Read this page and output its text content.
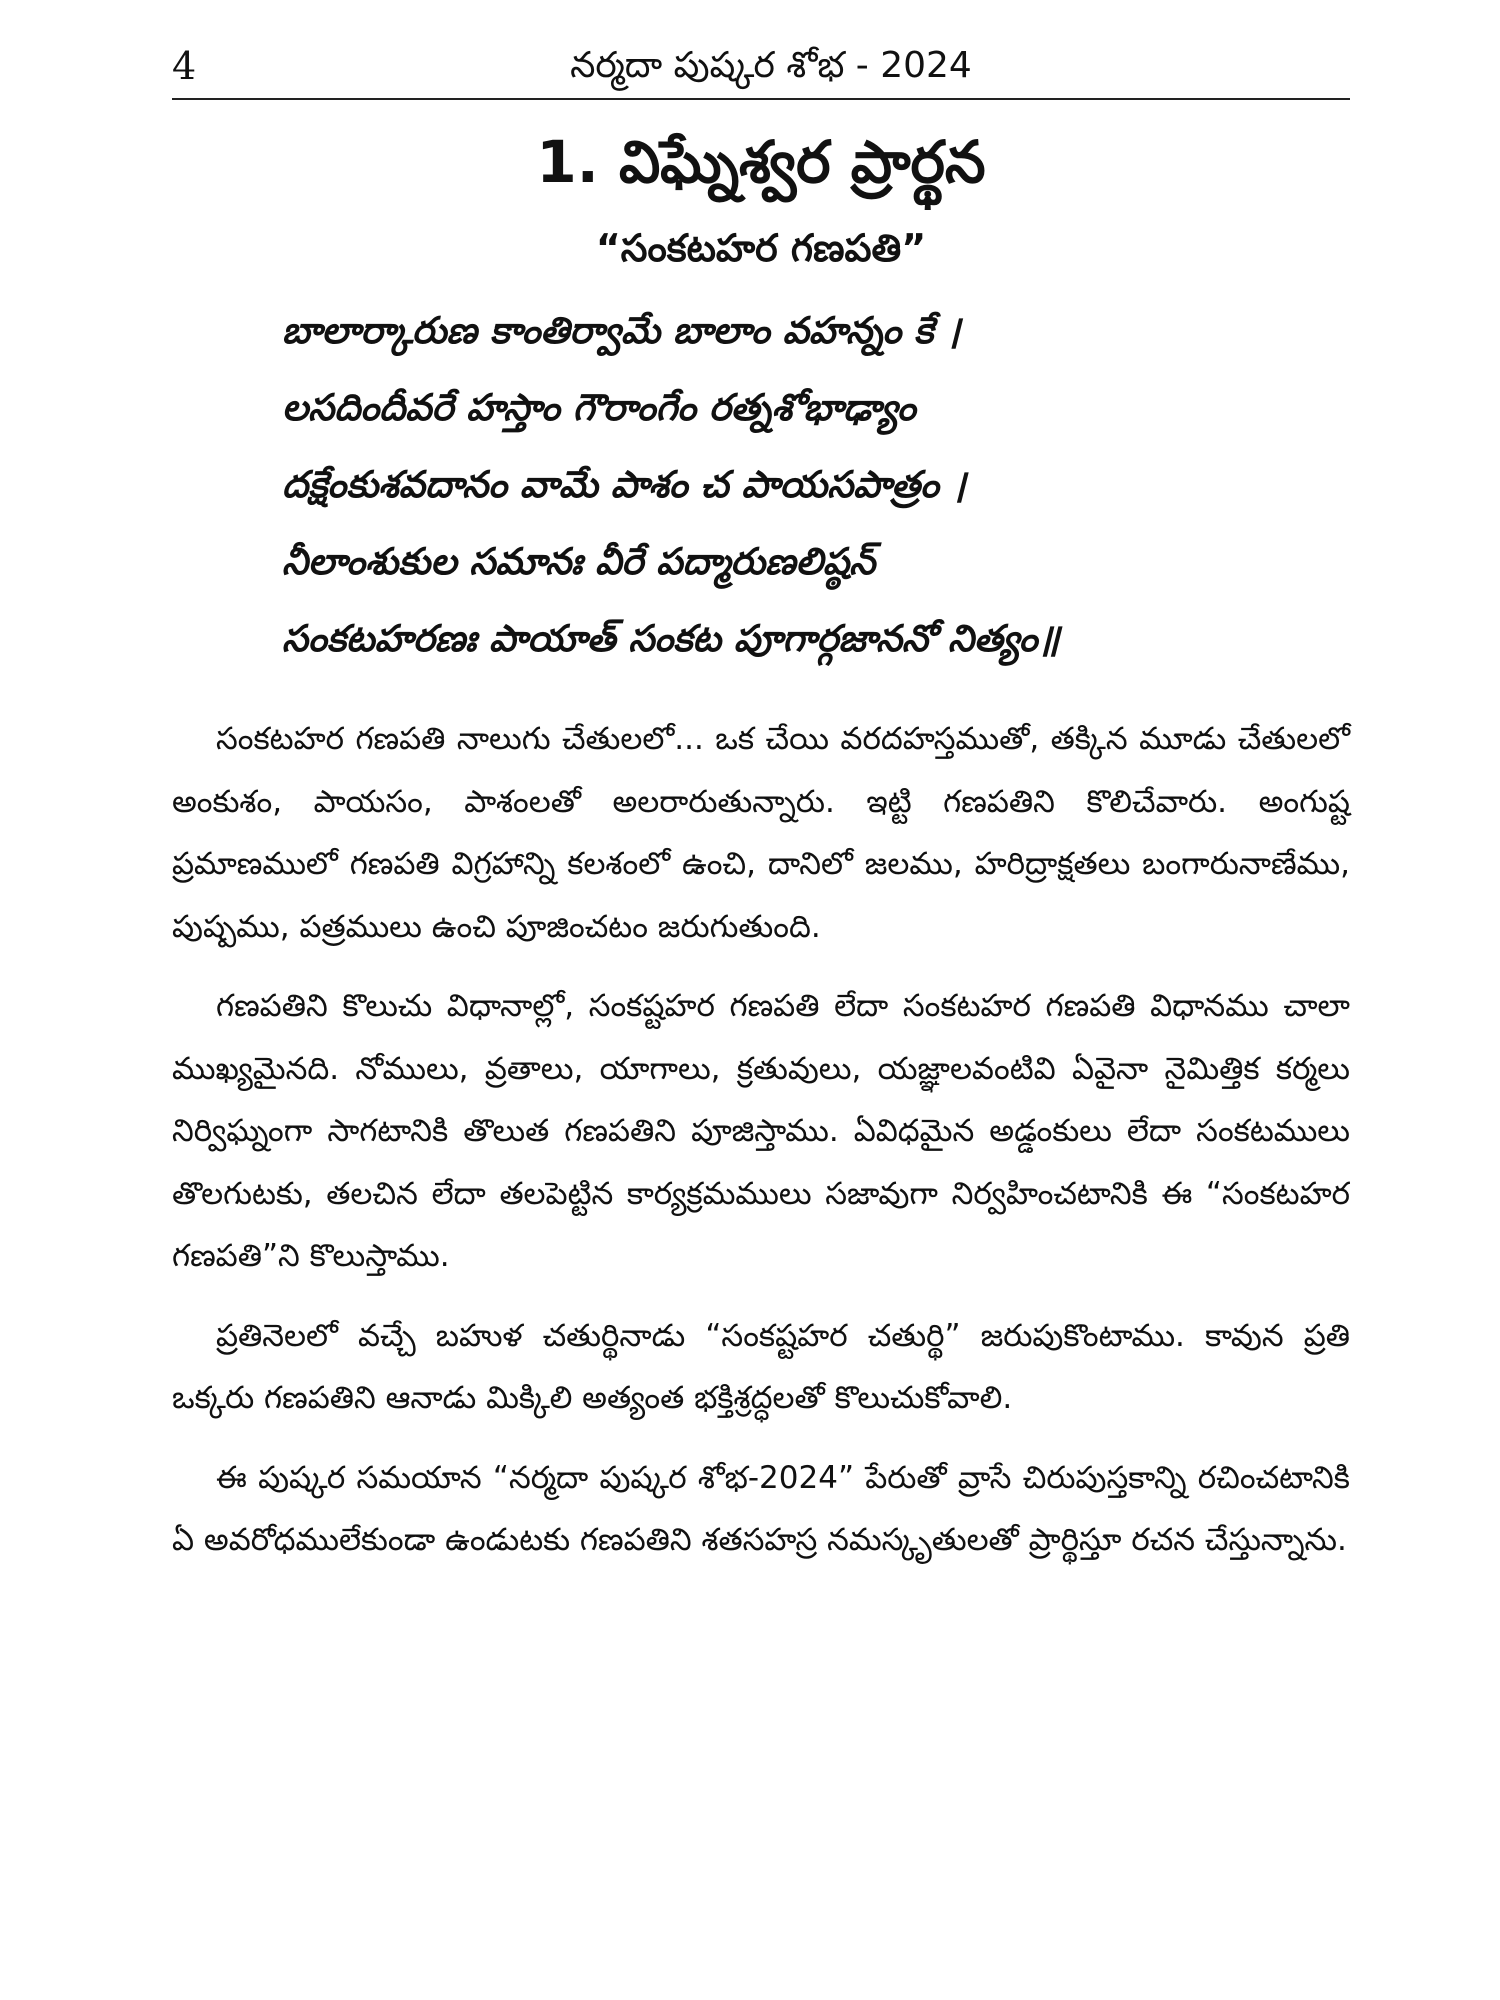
4	నర్మదా పుష్కర శోభ - 2024
1. విఘ్నేశ్వర ప్రార్థన
“సంకటహర గణపతి”
బాలార్కారుణ కాంతిర్వామే బాలాం వహన్నం కే ।
లసదిందీవరే హస్తాం గౌరాంగేం రత్నశోభాఢ్యాం
దక్షేంకుశవదానం వామే పాశం చ పాయసపాత్రం ।
నీలాంశుకుల సమానః వీరే పద్మారుణలిష్ఠన్
సంకటహరణః పాయాత్ సంకట పూగార్గజాననో నిత్యం॥

సంకటహర గణపతి నాలుగు చేతులలో... ఒక చేయి వరదహస్తముతో, తక్కిన మూడు చేతులలో అంకుశం, పాయసం, పాశంలతో అలరారుతున్నారు. ఇట్టి గణపతిని కొలిచేవారు. అంగుష్ట ప్రమాణములో గణపతి విగ్రహాన్ని కలశంలో ఉంచి, దానిలో జలము, హరిద్రాక్షతలు బంగారునాణేము, పుష్పము, పత్రములు ఉంచి పూజించటం జరుగుతుంది.

గణపతిని కొలుచు విధానాల్లో, సంకష్టహర గణపతి లేదా సంకటహర గణపతి విధానము చాలా ముఖ్యమైనది. నోములు, వ్రతాలు, యాగాలు, క్రతువులు, యజ్ఞాలవంటివి ఏవైనా నైమిత్తిక కర్మలు నిర్విఘ్నంగా సాగటానికి తొలుత గణపతిని పూజిస్తాము. ఏవిధమైన అడ్డంకులు లేదా సంకటములు తొలగుటకు, తలచిన లేదా తలపెట్టిన కార్యక్రమములు సజావుగా నిర్వహించటానికి ఈ “సంకటహర గణపతి”ని కొలుస్తాము.

ప్రతినెలలో వచ్చే బహుళ చతుర్థినాడు “సంకష్టహర చతుర్థి” జరుపుకొంటాము. కావున ప్రతి ఒక్కరు గణపతిని ఆనాడు మిక్కిలి అత్యంత భక్తిశ్రద్ధలతో కొలుచుకోవాలి.

ఈ పుష్కర సమయాన “నర్మదా పుష్కర శోభ-2024” పేరుతో వ్రాసే చిరుపుస్తకాన్ని రచించటానికి ఏ అవరోధములేకుండా ఉండుటకు గణపతిని శతసహస్ర నమస్కృతులతో ప్రార్థిస్తూ రచన చేస్తున్నాను.
